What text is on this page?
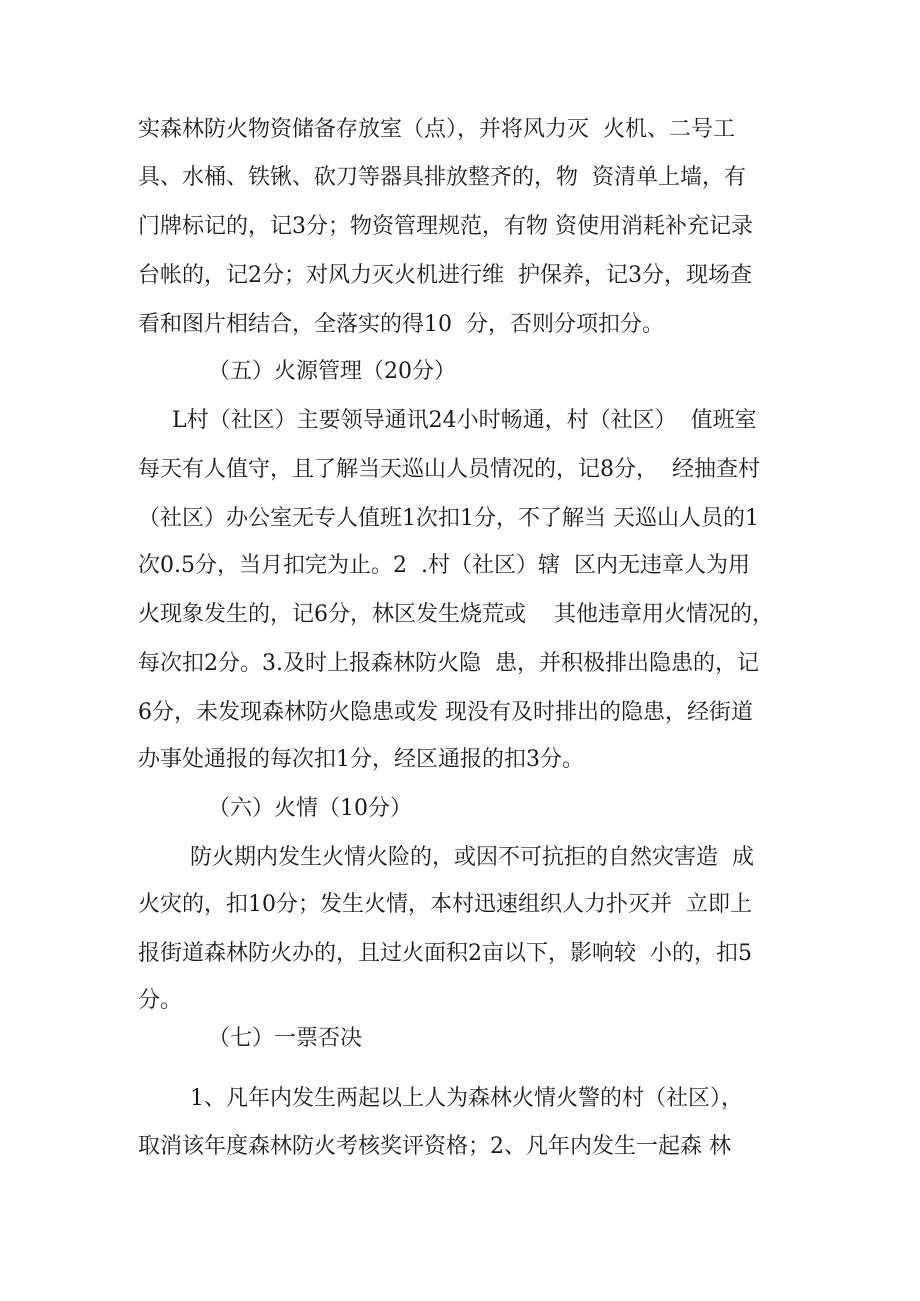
实森林防火物资储备存放室（点），并将风力灭  火机、二号工
具、水桶、铁锹、砍刀等器具排放整齐的，物  资清单上墙，有
门牌标记的，记3分；物资管理规范，有物 资使用消耗补充记录
台帐的，记2分；对风力灭火机进行维  护保养，记3分，现场查
看和图片相结合，全落实的得10  分，否则分项扣分。
（五）火源管理（20分）
L村（社区）主要领导通讯24小时畅通，村（社区）  值班室
每天有人值守，且了解当天巡山人员情况的，记8分，  经抽查村
（社区）办公室无专人值班1次扣1分，不了解当 天巡山人员的1
次0.5分，当月扣完为止。2  .村（社区）辖  区内无违章人为用
火现象发生的，记6分，林区发生烧荒或    其他违章用火情况的，
每次扣2分。3.及时上报森林防火隐  患，并积极排出隐患的，记
6分，未发现森林防火隐患或发 现没有及时排出的隐患，经街道
办事处通报的每次扣1分，经区通报的扣3分。
（六）火情（10分）
防火期内发生火情火险的，或因不可抗拒的自然灾害造  成
火灾的，扣10分；发生火情，本村迅速组织人力扑灭并  立即上
报街道森林防火办的，且过火面积2亩以下，影响较  小的，扣5
分。
（七）一票否决
1、凡年内发生两起以上人为森林火情火警的村（社区），
取消该年度森林防火考核奖评资格；2、凡年内发生一起森 林
